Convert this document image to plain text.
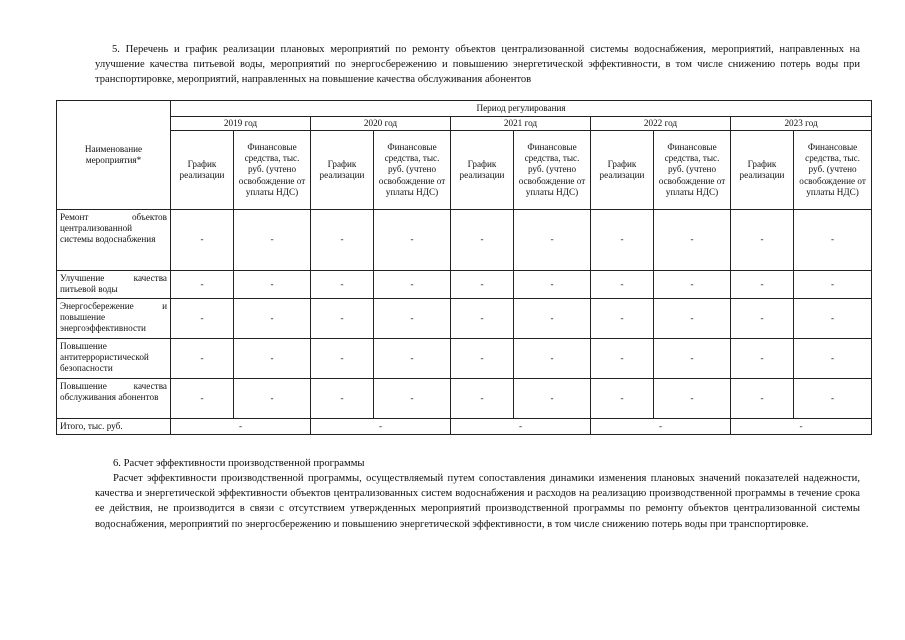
5. Перечень и график реализации плановых мероприятий по ремонту объектов централизованной системы водоснабжения, мероприятий, направленных на улучшение качества питьевой воды, мероприятий по энергосбережению и повышению энергетической эффективности, в том числе снижению потерь воды при транспортировке, мероприятий, направленных на повышение качества обслуживания абонентов

Наименование мероприятия*	Период регулирования									
	2019 год		2020 год		2021 год		2022 год		2023 год	
	График реализации	Финансовые средства, тыс. руб. (учтено освобождение от уплаты НДС)	График реализации	Финансовые средства, тыс. руб. (учтено освобождение от уплаты НДС)	График реализации	Финансовые средства, тыс. руб. (учтено освобождение от уплаты НДС)	График реализации	Финансовые средства, тыс. руб. (учтено освобождение от уплаты НДС)	График реализации	Финансовые средства, тыс. руб. (учтено освобождение от уплаты НДС)
Ремонт объектов централизованной системы водоснабжения	-	-	-	-	-	-	-	-	-	-
Улучшение качества питьевой воды	-	-	-	-	-	-	-	-	-	-
Энергосбережение и повышение энергоэффективности	-	-	-	-	-	-	-	-	-	-
Повышение антитеррористической безопасности	-	-	-	-	-	-	-	-	-	-
Повышение качества обслуживания абонентов	-	-	-	-	-	-	-	-	-	-
Итого, тыс. руб.	-		-		-		-		-	

6. Расчет эффективности производственной программы

Расчет эффективности производственной программы, осуществляемый путем сопоставления динамики изменения плановых значений показателей надежности, качества и энергетической эффективности объектов централизованных систем водоснабжения и расходов на реализацию производственной программы в течение срока ее действия, не производится в связи с отсутствием утвержденных мероприятий производственной программы по ремонту объектов централизованной системы водоснабжения, мероприятий по энергосбережению и повышению энергетической эффективности, в том числе снижению потерь воды при транспортировке.
